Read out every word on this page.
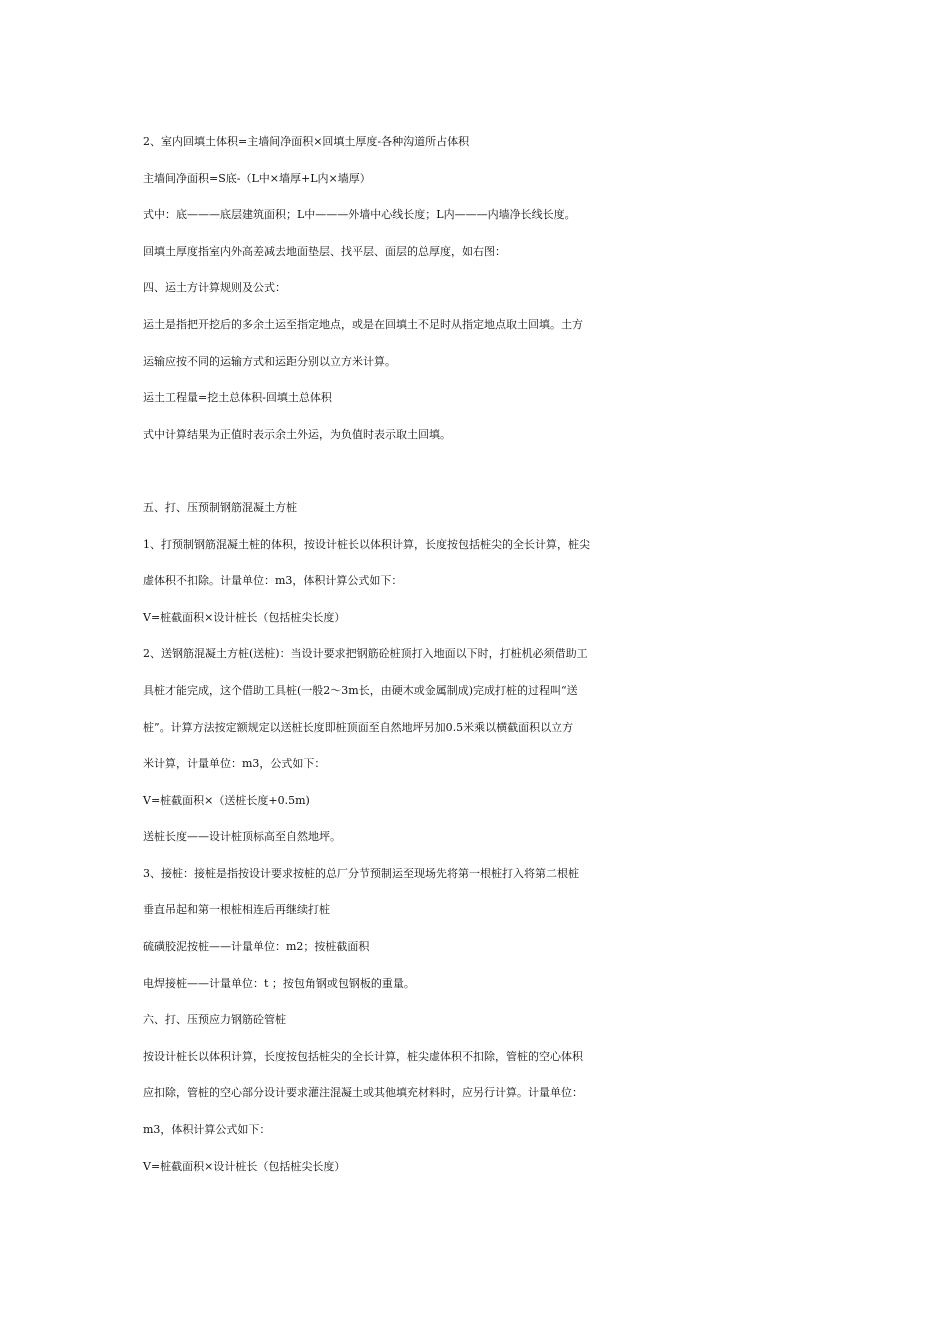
2、室内回填土体积=主墙间净面积×回填土厚度-各种沟道所占体积
主墙间净面积=S底-（L中×墙厚+L内×墙厚）
式中：底———底层建筑面积；L中———外墙中心线长度；L内———内墙净长线长度。
回填土厚度指室内外高差减去地面垫层、找平层、面层的总厚度，如右图：
四、运土方计算规则及公式：
运土是指把开挖后的多余土运至指定地点，或是在回填土不足时从指定地点取土回填。土方
运输应按不同的运输方式和运距分别以立方米计算。
运土工程量=挖土总体积-回填土总体积
式中计算结果为正值时表示余土外运，为负值时表示取土回填。
五、打、压预制钢筋混凝土方桩
1、打预制钢筋混凝土桩的体积，按设计桩长以体积计算，长度按包括桩尖的全长计算，桩尖
虚体积不扣除。计量单位：m3，体积计算公式如下：
V=桩截面积×设计桩长（包括桩尖长度）
2、送钢筋混凝土方桩(送桩)：当设计要求把钢筋砼桩顶打入地面以下时，打桩机必须借助工
具桩才能完成，这个借助工具桩(一般2～3m长，由硬木或金属制成)完成打桩的过程叫“送
桩”。计算方法按定额规定以送桩长度即桩顶面至自然地坪另加0.5米乘以横截面积以立方
米计算，计量单位：m3，公式如下：
V=桩截面积×（送桩长度+0.5m)
送桩长度——设计桩顶标高至自然地坪。
3、接桩：接桩是指按设计要求按桩的总厂分节预制运至现场先将第一根桩打入将第二根桩
垂直吊起和第一根桩相连后再继续打桩
硫磺胶泥按桩——计量单位：m2；按桩截面积
电焊接桩——计量单位：t ；按包角钢或包钢板的重量。
六、打、压预应力钢筋砼管桩
按设计桩长以体积计算，长度按包括桩尖的全长计算，桩尖虚体积不扣除，管桩的空心体积
应扣除，管桩的空心部分设计要求灌注混凝土或其他填充材料时，应另行计算。计量单位：
m3，体积计算公式如下：
V=桩截面积×设计桩长（包括桩尖长度）
